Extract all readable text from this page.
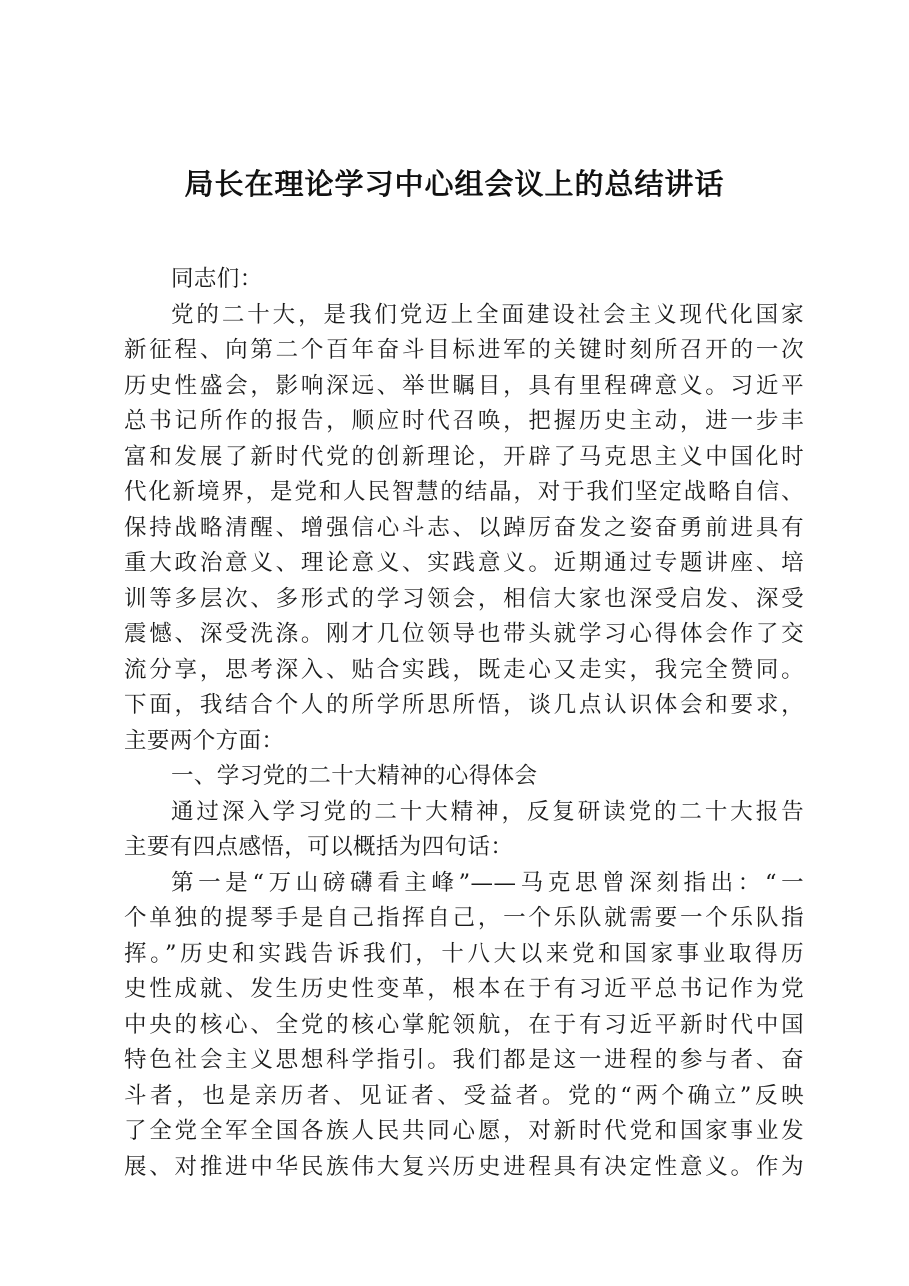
局长在理论学习中心组会议上的总结讲话
同志们：
党的二十大，是我们党迈上全面建设社会主义现代化国家
新征程、向第二个百年奋斗目标进军的关键时刻所召开的一次
历史性盛会，影响深远、举世瞩目，具有里程碑意义。习近平
总书记所作的报告，顺应时代召唤，把握历史主动，进一步丰
富和发展了新时代党的创新理论，开辟了马克思主义中国化时
代化新境界，是党和人民智慧的结晶，对于我们坚定战略自信、
保持战略清醒、增强信心斗志、以踔厉奋发之姿奋勇前进具有
重大政治意义、理论意义、实践意义。近期通过专题讲座、培
训等多层次、多形式的学习领会，相信大家也深受启发、深受
震憾、深受洗涤。刚才几位领导也带头就学习心得体会作了交
流分享，思考深入、贴合实践，既走心又走实，我完全赞同。
下面，我结合个人的所学所思所悟，谈几点认识体会和要求，
主要两个方面：
一、学习党的二十大精神的心得体会
通过深入学习党的二十大精神，反复研读党的二十大报告
主要有四点感悟，可以概括为四句话：
第一是“万山磅礴看主峰”——马克思曾深刻指出：“一
个单独的提琴手是自己指挥自己，一个乐队就需要一个乐队指
挥。”历史和实践告诉我们，十八大以来党和国家事业取得历
史性成就、发生历史性变革，根本在于有习近平总书记作为党
中央的核心、全党的核心掌舵领航，在于有习近平新时代中国
特色社会主义思想科学指引。我们都是这一进程的参与者、奋
斗者，也是亲历者、见证者、受益者。党的“两个确立”反映
了全党全军全国各族人民共同心愿，对新时代党和国家事业发
展、对推进中华民族伟大复兴历史进程具有决定性意义。作为
